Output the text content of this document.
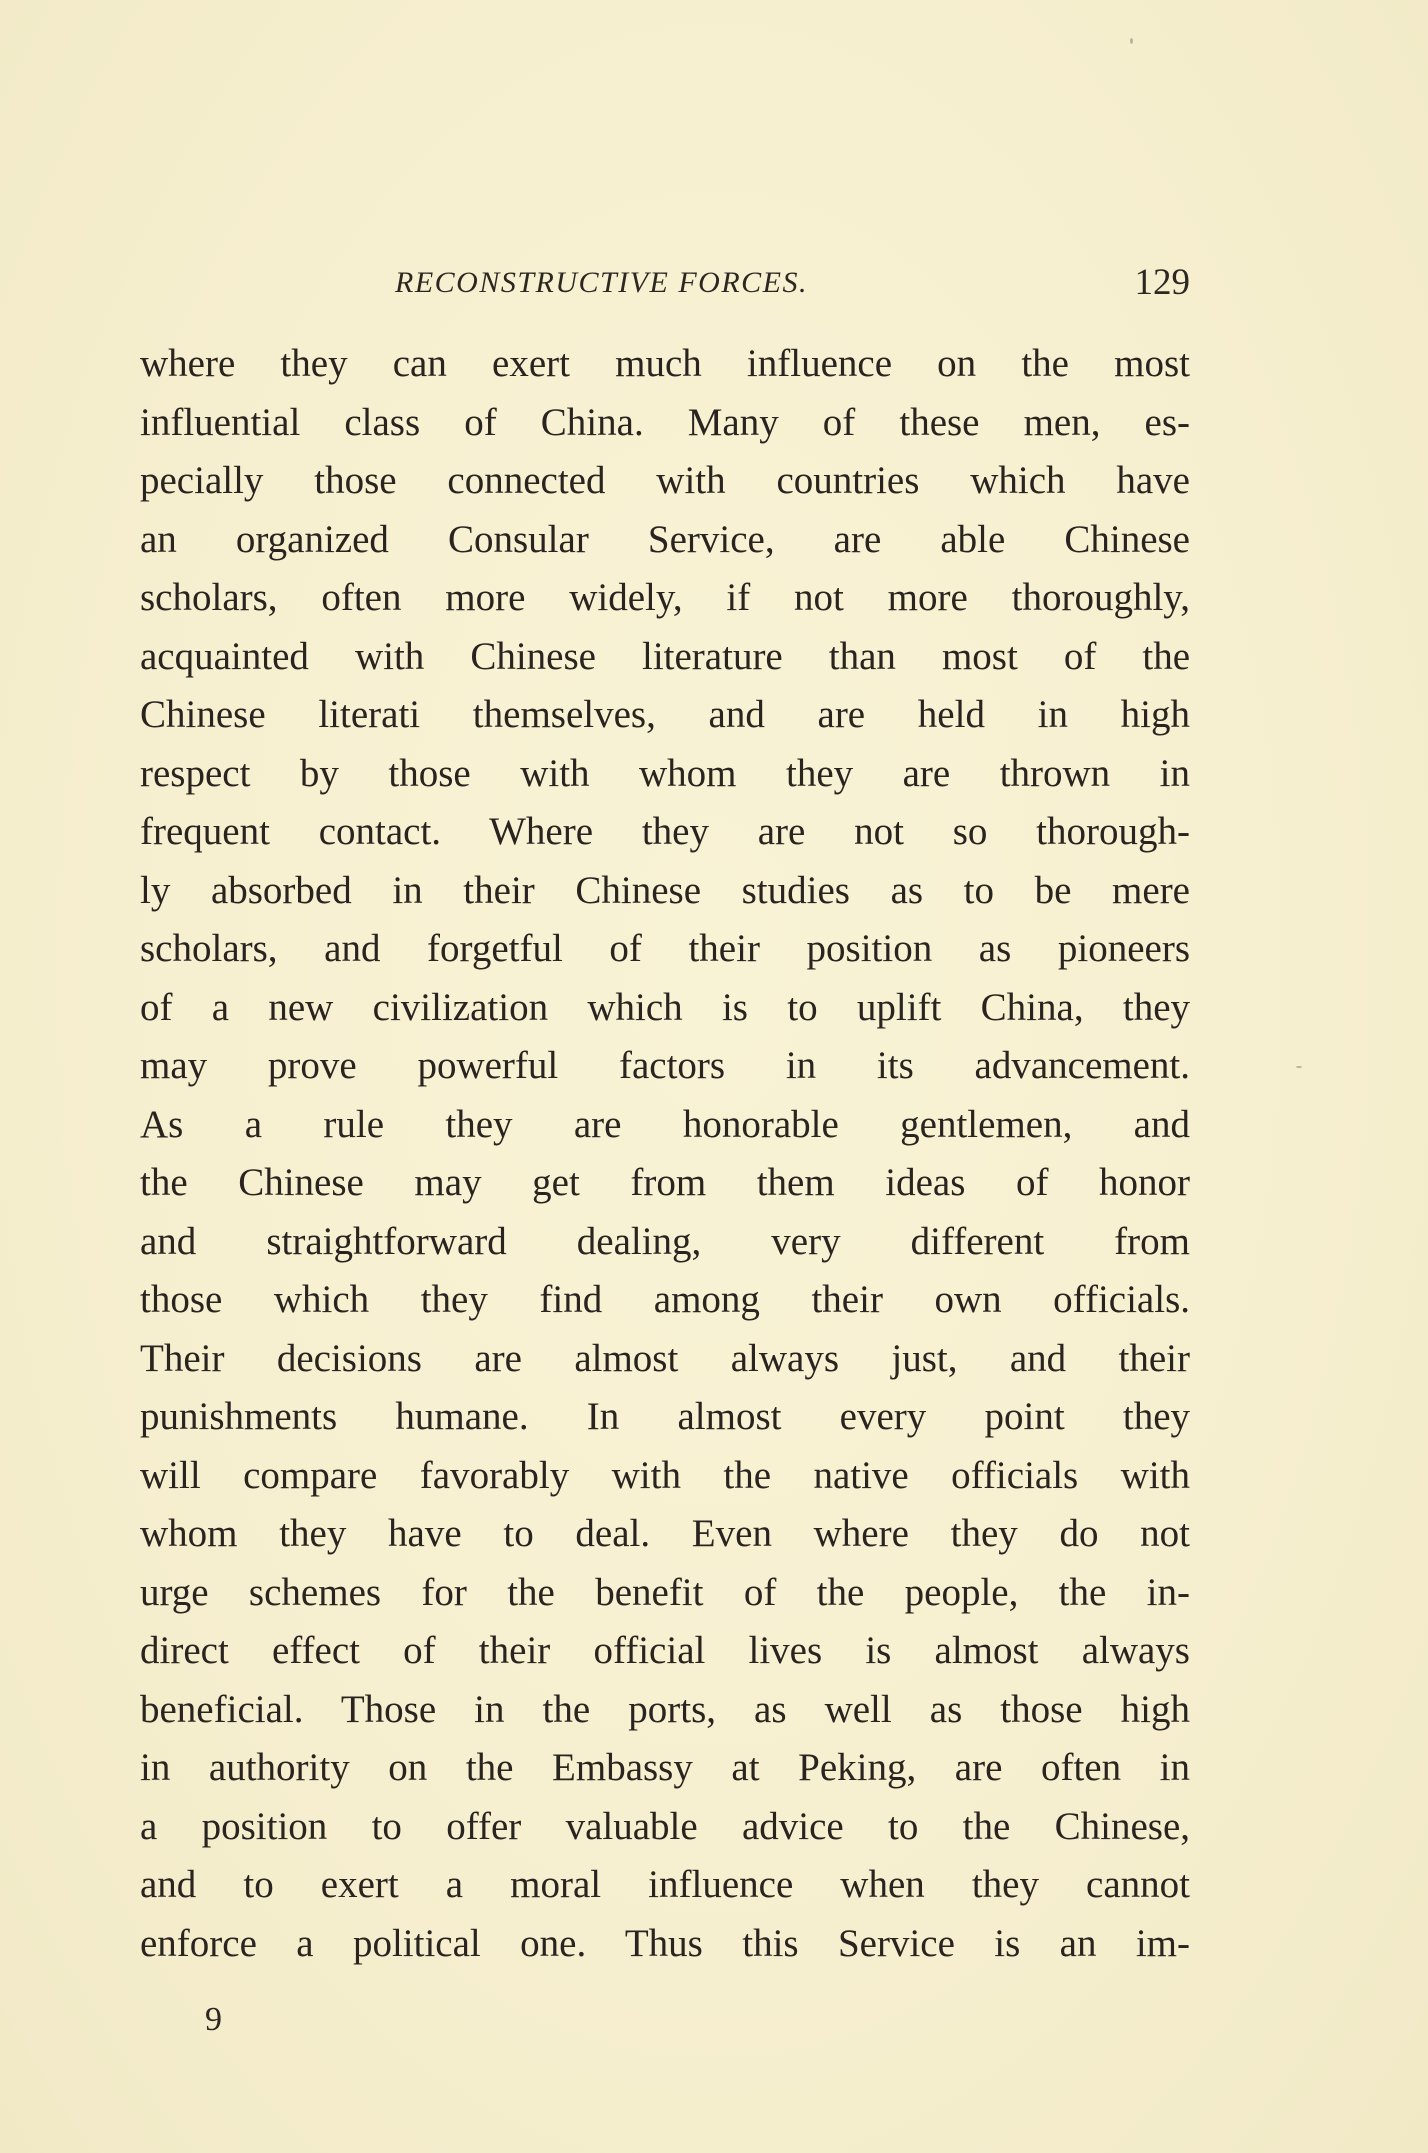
RECONSTRUCTIVE FORCES.	129
where they can exert much influence on the most
influential class of China. Many of these men, es-
pecially those connected with countries which have
an organized Consular Service, are able Chinese
scholars, often more widely, if not more thoroughly,
acquainted with Chinese literature than most of the
Chinese literati themselves, and are held in high
respect by those with whom they are thrown in
frequent contact. Where they are not so thorough-
ly absorbed in their Chinese studies as to be mere
scholars, and forgetful of their position as pioneers
of a new civilization which is to uplift China, they
may prove powerful factors in its advancement.
As a rule they are honorable gentlemen, and
the Chinese may get from them ideas of honor
and straightforward dealing, very different from
those which they find among their own officials.
Their decisions are almost always just, and their
punishments humane. In almost every point they
will compare favorably with the native officials with
whom they have to deal. Even where they do not
urge schemes for the benefit of the people, the in-
direct effect of their official lives is almost always
beneficial. Those in the ports, as well as those high
in authority on the Embassy at Peking, are often in
a position to offer valuable advice to the Chinese,
and to exert a moral influence when they cannot
enforce a political one. Thus this Service is an im-
9
